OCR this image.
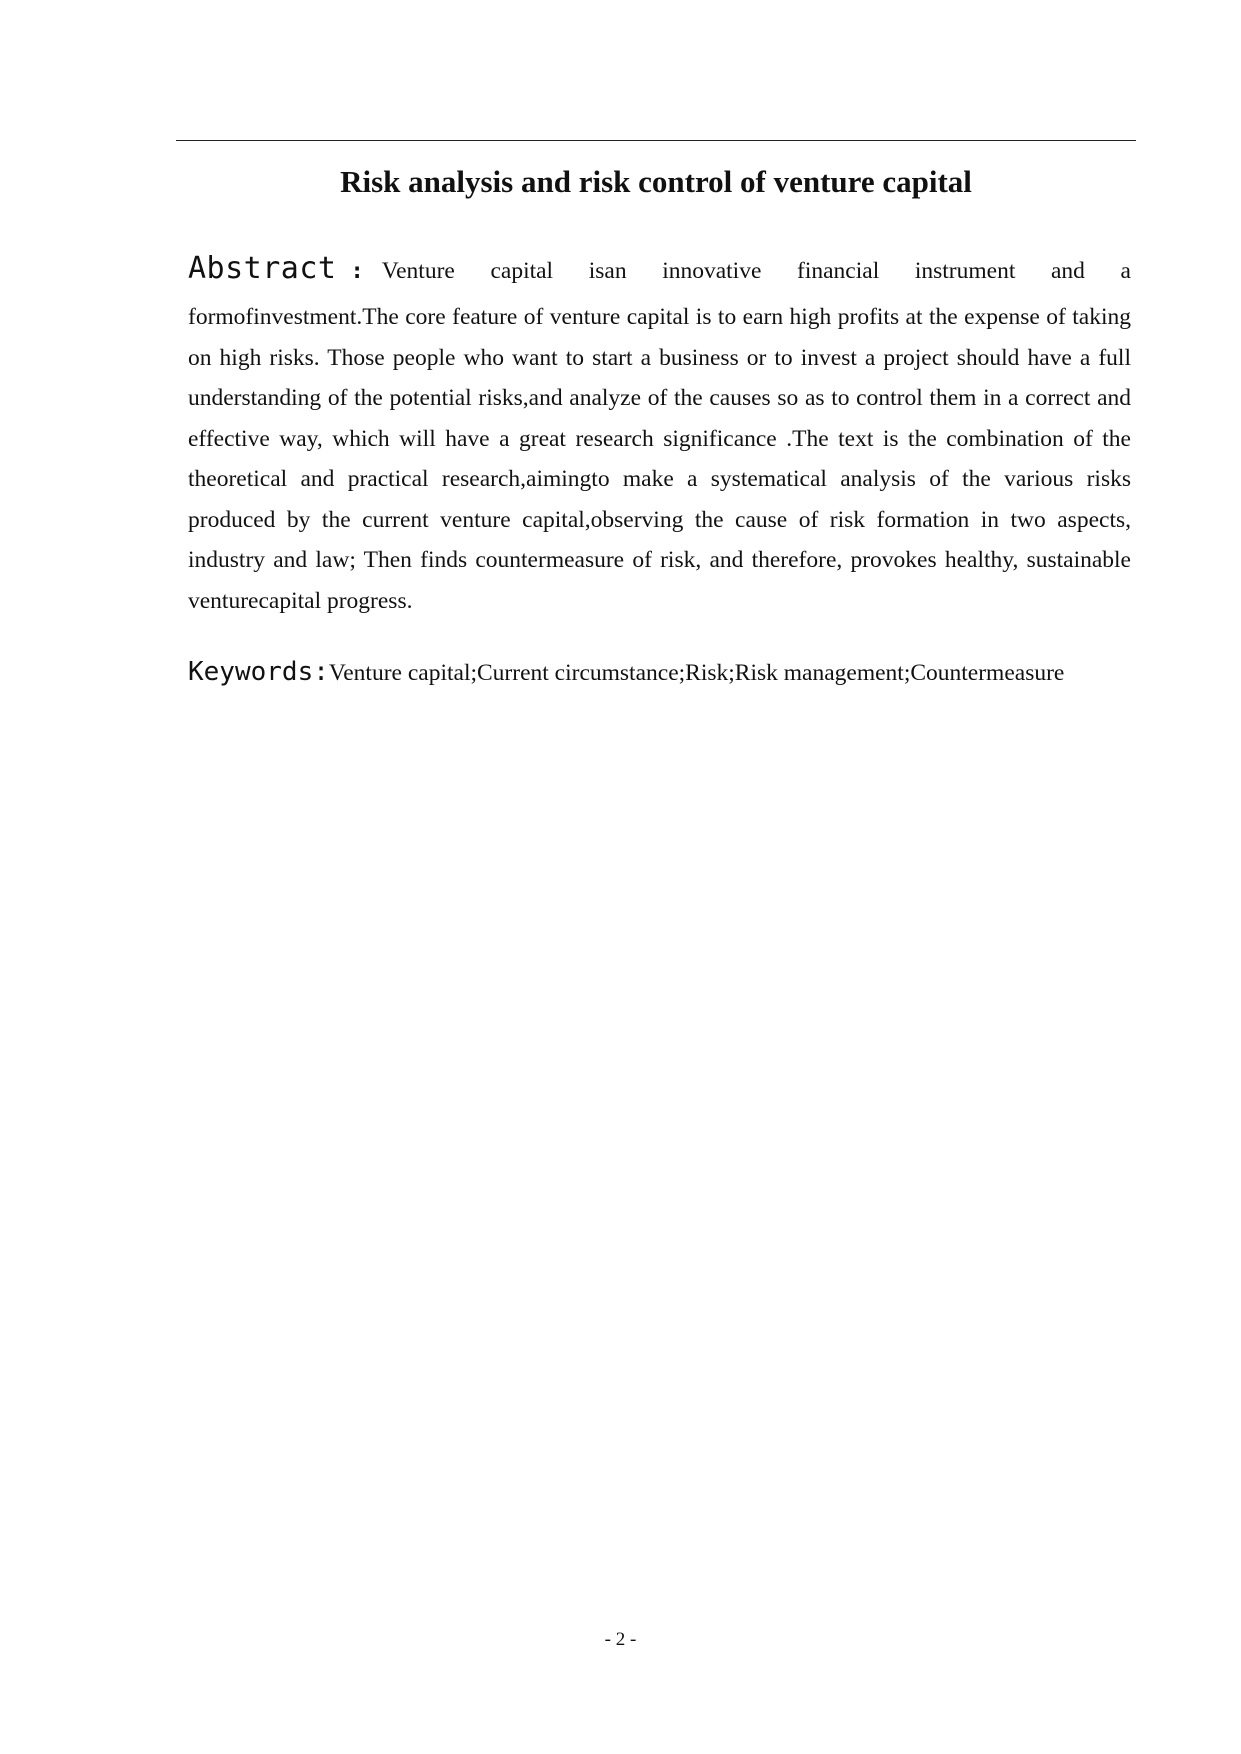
Risk analysis and risk control of venture capital

Abstract : Venture capital isan innovative financial instrument and a
formofinvestment.The core feature of venture capital is to earn high profits at the expense of taking on high risks. Those people who want to start a business or to invest a project should have a full understanding of the potential risks,and analyze of the causes so as to control them in a correct and effective way, which will have a great research significance .The text is the combination of the theoretical and practical research,aimingto make a systematical analysis of the various risks produced by the current venture capital,observing the cause of risk formation in two aspects, industry and law; Then finds countermeasure of risk, and therefore, provokes healthy, sustainable venturecapital progress.

Keywords:Venture capital;Current circumstance;Risk;Risk management;Countermeasure

- 2 -
